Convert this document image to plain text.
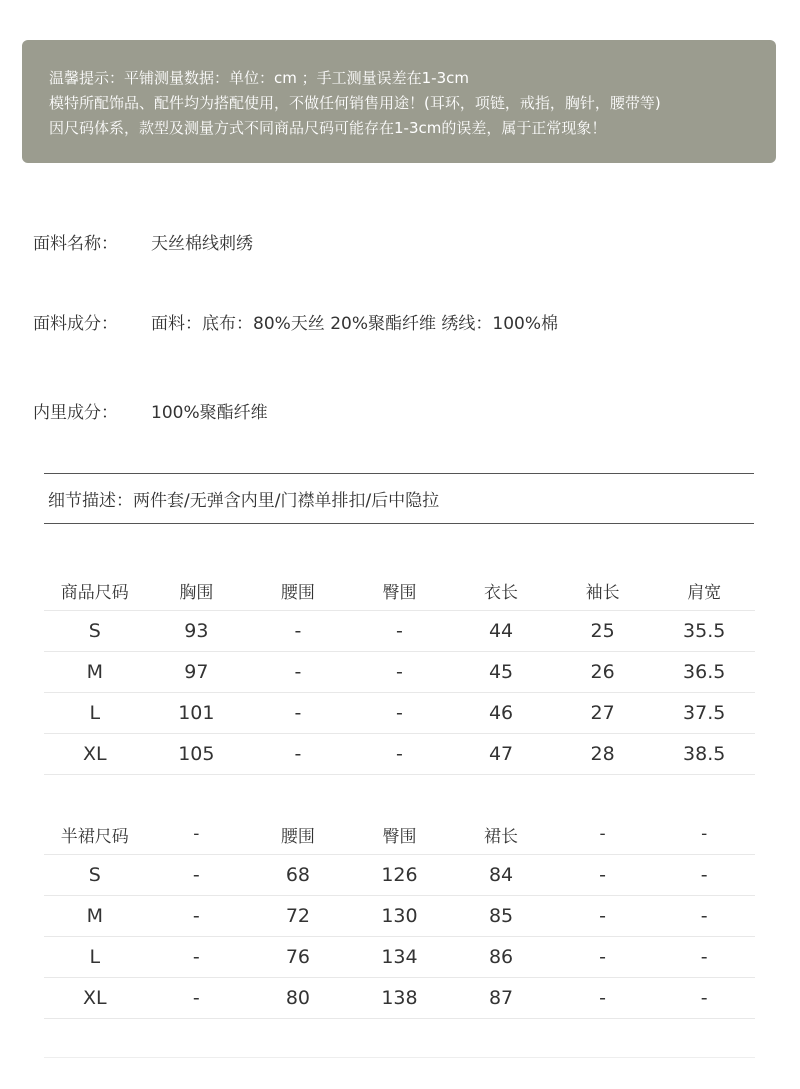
温馨提示：平铺测量数据：单位：cm ；手工测量误差在1-3cm
模特所配饰品、配件均为搭配使用，不做任何销售用途！(耳环，项链，戒指，胸针，腰带等)
因尺码体系，款型及测量方式不同商品尺码可能存在1-3cm的误差，属于正常现象！
面料名称： 天丝棉线刺绣
面料成分： 面料：底布：80%天丝 20%聚酯纤维 绣线：100%棉
内里成分： 100%聚酯纤维
细节描述：两件套/无弹含内里/门襟单排扣/后中隐拉
商品尺码	胸围	腰围	臀围	衣长	袖长	肩宽
S	93	-	-	44	25	35.5
M	97	-	-	45	26	36.5
L	101	-	-	46	27	37.5
XL	105	-	-	47	28	38.5
半裙尺码	-	腰围	臀围	裙长	-	-
S	-	68	126	84	-	-
M	-	72	130	85	-	-
L	-	76	134	86	-	-
XL	-	80	138	87	-	-
